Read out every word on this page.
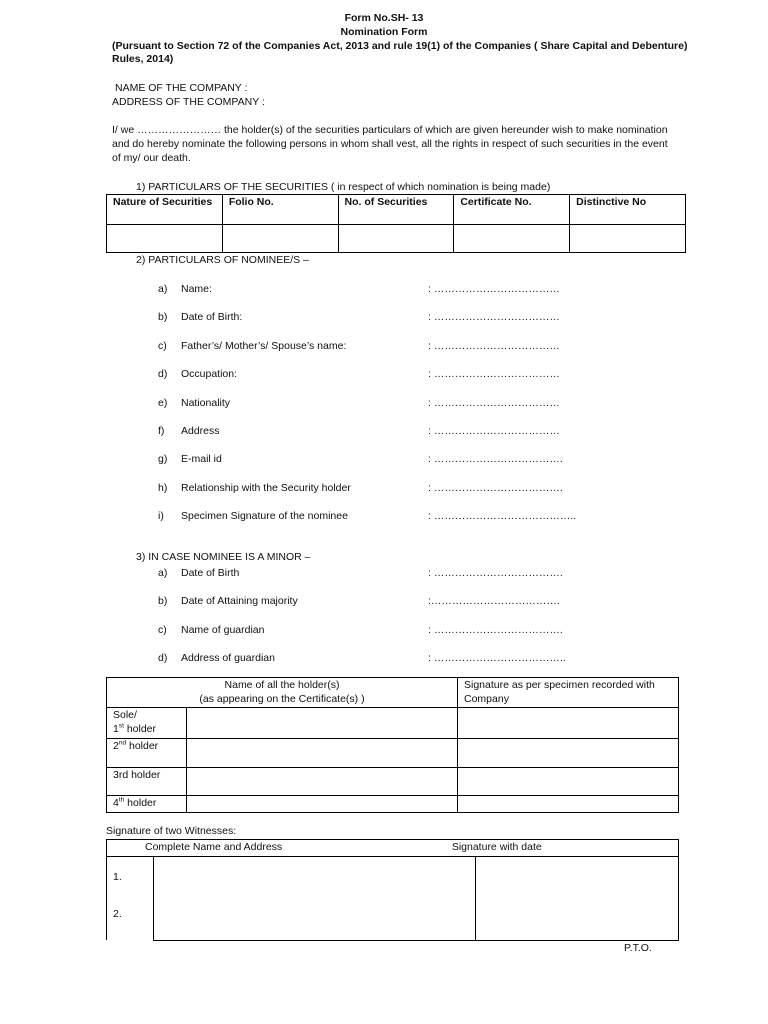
Form No.SH- 13
Nomination Form
(Pursuant to Section 72 of the Companies Act, 2013 and rule 19(1) of the Companies ( Share Capital and Debenture)
Rules, 2014)
NAME OF THE COMPANY :
ADDRESS OF THE COMPANY :
I/ we …………………… the holder(s) of the securities particulars of which are given hereunder wish to make nomination
and do hereby nominate the following persons in whom shall vest, all the rights in respect of such securities in the event
of my/ our death.
1) PARTICULARS OF THE SECURITIES ( in respect of which nomination is being made)
Nature of Securities	Folio No.	No. of Securities	Certificate No.	Distinctive No

2) PARTICULARS OF NOMINEE/S –
a) Name:	: ………………………………
b) Date of Birth:	: ………………………………
c) Father’s/ Mother’s/ Spouse’s name:	: ………………………………
d) Occupation:	: ………………………………
e) Nationality	: ………………………………
f) Address	: ………………………………
g) E-mail id	: ……………………………….
h) Relationship with the Security holder	: ……………………………….
i) Specimen Signature of the nominee	: …………………………………..
3) IN CASE NOMINEE IS A MINOR –
a) Date of Birth	: ……………………………….
b) Date of Attaining majority	:……………………………….
c) Name of guardian	: ……………………………….
d) Address of guardian	: ………………………………..
Name of all the holder(s)
(as appearing on the Certificate(s) )		Signature as per specimen recorded with Company
Sole/
1st holder		
2nd holder		
3rd holder		
4th holder		
Signature of two Witnesses:
Complete Name and Address		Signature with date

1.
2.		

P.T.O.
